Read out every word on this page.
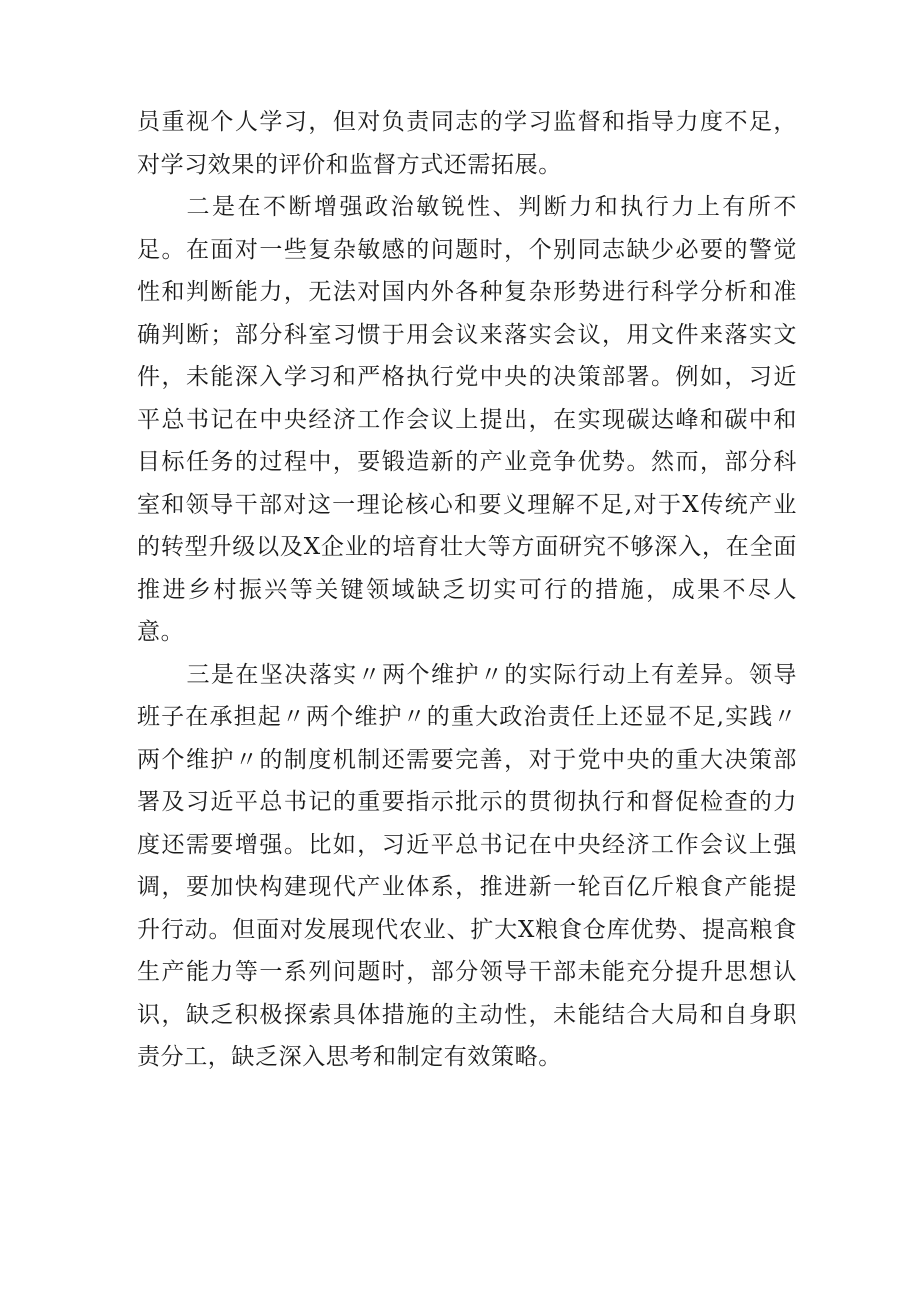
员重视个人学习，但对负责同志的学习监督和指导力度不足，对学习效果的评价和监督方式还需拓展。

二是在不断增强政治敏锐性、判断力和执行力上有所不足。在面对一些复杂敏感的问题时，个别同志缺少必要的警觉性和判断能力，无法对国内外各种复杂形势进行科学分析和准确判断；部分科室习惯于用会议来落实会议，用文件来落实文件，未能深入学习和严格执行党中央的决策部署。例如，习近平总书记在中央经济工作会议上提出，在实现碳达峰和碳中和目标任务的过程中，要锻造新的产业竞争优势。然而，部分科室和领导干部对这一理论核心和要义理解不足,对于X传统产业的转型升级以及X企业的培育壮大等方面研究不够深入，在全面推进乡村振兴等关键领域缺乏切实可行的措施，成果不尽人意。

三是在坚决落实〃两个维护〃的实际行动上有差异。领导班子在承担起〃两个维护〃的重大政治责任上还显不足,实践〃两个维护〃的制度机制还需要完善，对于党中央的重大决策部署及习近平总书记的重要指示批示的贯彻执行和督促检查的力度还需要增强。比如，习近平总书记在中央经济工作会议上强调，要加快构建现代产业体系，推进新一轮百亿斤粮食产能提升行动。但面对发展现代农业、扩大X粮食仓库优势、提高粮食生产能力等一系列问题时，部分领导干部未能充分提升思想认识，缺乏积极探索具体措施的主动性，未能结合大局和自身职责分工，缺乏深入思考和制定有效策略。
